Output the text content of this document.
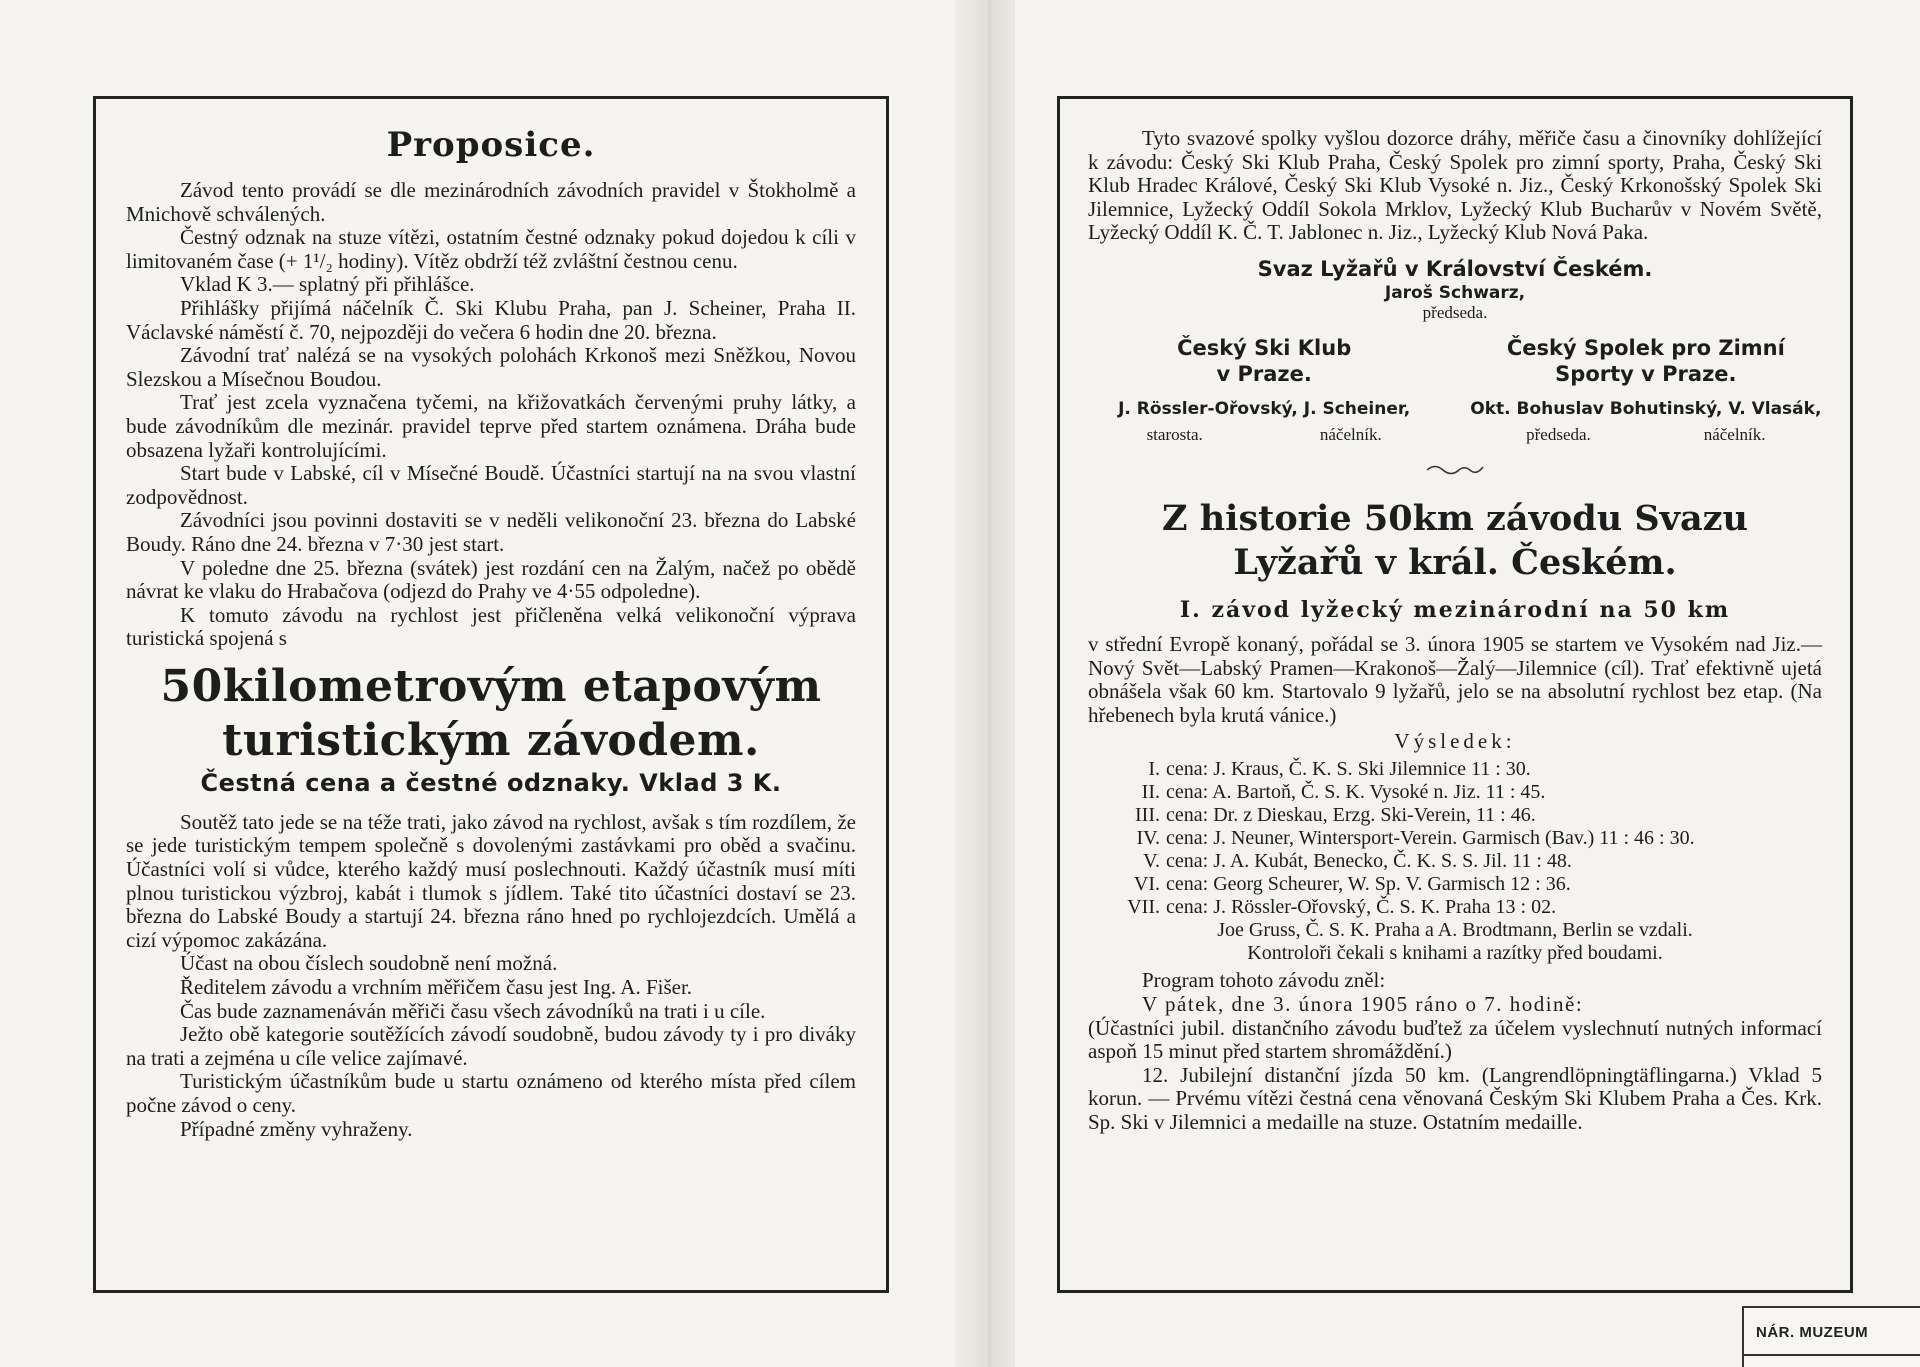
Proposice.

Závod tento provádí se dle mezinárodních závodních pravidel v Štokholmě a Mnichově schválených.

Čestný odznak na stuze vítězi, ostatním čestné odznaky pokud dojedou k cíli v limitovaném čase (+ 1¹/₂ hodiny). Vítěz obdrží též zvláštní čestnou cenu.

Vklad K 3.— splatný při přihlášce.

Přihlášky přijímá náčelník Č. Ski Klubu Praha, pan J. Scheiner, Praha II. Václavské náměstí č. 70, nejpozději do večera 6 hodin dne 20. března.

Závodní trať nalézá se na vysokých polohách Krkonoš mezi Sněžkou, Novou Slezskou a Mísečnou Boudou.

Trať jest zcela vyznačena tyčemi, na křižovatkách červenými pruhy látky, a bude závodníkům dle mezinár. pravidel teprve před startem oznámena. Dráha bude obsazena lyžaři kontrolujícími.

Start bude v Labské, cíl v Mísečné Boudě. Účastníci startují na na svou vlastní zodpovědnost.

Závodníci jsou povinni dostaviti se v neděli velikonoční 23. března do Labské Boudy. Ráno dne 24. března v 7·30 jest start.

V poledne dne 25. března (svátek) jest rozdání cen na Žalým, načež po obědě návrat ke vlaku do Hrabačova (odjezd do Prahy ve 4·55 odpoledne).

K tomuto závodu na rychlost jest přičleněna velká velikonoční výprava turistická spojená s

50kilometrovým etapovým
turistickým závodem.
Čestná cena a čestné odznaky. Vklad 3 K.

Soutěž tato jede se na téže trati, jako závod na rychlost, avšak s tím rozdílem, že se jede turistickým tempem společně s dovolenými zastávkami pro oběd a svačinu. Účastníci volí si vůdce, kterého každý musí poslechnouti. Každý účastník musí míti plnou turistickou výzbroj, kabát i tlumok s jídlem. Také tito účastníci dostaví se 23. března do Labské Boudy a startují 24. března ráno hned po rychlojezdcích. Umělá a cizí výpomoc zakázána.

Účast na obou číslech soudobně není možná.

Ředitelem závodu a vrchním měřičem času jest Ing. A. Fišer.

Čas bude zaznamenáván měřiči času všech závodníků na trati i u cíle.

Ježto obě kategorie soutěžících závodí soudobně, budou závody ty i pro diváky na trati a zejména u cíle velice zajímavé.

Turistickým účastníkům bude u startu oznámeno od kterého místa před cílem počne závod o ceny.

Případné změny vyhraženy.

Tyto svazové spolky vyšlou dozorce dráhy, měřiče času a činovníky dohlížející k závodu: Český Ski Klub Praha, Český Spolek pro zimní sporty, Praha, Český Ski Klub Hradec Králové, Český Ski Klub Vysoké n. Jiz., Český Krkonošský Spolek Ski Jilemnice, Lyžecký Oddíl Sokola Mrklov, Lyžecký Klub Bucharův v Novém Světě, Lyžecký Oddíl K. Č. T. Jablonec n. Jiz., Lyžecký Klub Nová Paka.

Svaz Lyžařů v Království Českém.
Jaroš Schwarz,
předseda.
Český Ski Klub
v Praze.
J. Rössler-Ořovský, J. Scheiner,
starosta.	náčelník.
Český Spolek pro Zimní
Sporty v Praze.
Okt. Bohuslav Bohutinský, V. Vlasák,
předseda.	náčelník.
Z historie 50km závodu Svazu
Lyžařů v král. Českém.
I. závod lyžecký mezinárodní na 50 km

v střední Evropě konaný, pořádal se 3. února 1905 se startem ve Vysokém nad Jiz.—Nový Svět—Labský Pramen—Krakonoš—Žalý—Jilemnice (cíl). Trať efektivně ujetá obnášela však 60 km. Startovalo 9 lyžařů, jelo se na absolutní rychlost bez etap. (Na hřebenech byla krutá vánice.)

Výsledek:
I. cena: J. Kraus, Č. K. S. Ski Jilemnice 11 : 30.
II. cena: A. Bartoň, Č. S. K. Vysoké n. Jiz. 11 : 45.
III. cena: Dr. z Dieskau, Erzg. Ski-Verein, 11 : 46.
IV. cena: J. Neuner, Wintersport-Verein. Garmisch (Bav.) 11 : 46 : 30.
V. cena: J. A. Kubát, Benecko, Č. K. S. S. Jil. 11 : 48.
VI. cena: Georg Scheurer, W. Sp. V. Garmisch 12 : 36.
VII. cena: J. Rössler-Ořovský, Č. S. K. Praha 13 : 02.
Joe Gruss, Č. S. K. Praha a A. Brodtmann, Berlin se vzdali.
Kontroloři čekali s knihami a razítky před boudami.

Program tohoto závodu zněl:

V pátek, dne 3. února 1905 ráno o 7. hodině:

(Účastníci jubil. distančního závodu buďtež za účelem vyslechnutí nutných informací aspoň 15 minut před startem shromáždění.)

12. Jubilejní distanční jízda 50 km. (Langrendlöpningtäflingarna.) Vklad 5 korun. — Prvému vítězi čestná cena věnovaná Českým Ski Klubem Praha a Čes. Krk. Sp. Ski v Jilemnici a medaille na stuze. Ostatním medaille.

NÁR. MUZEUM
